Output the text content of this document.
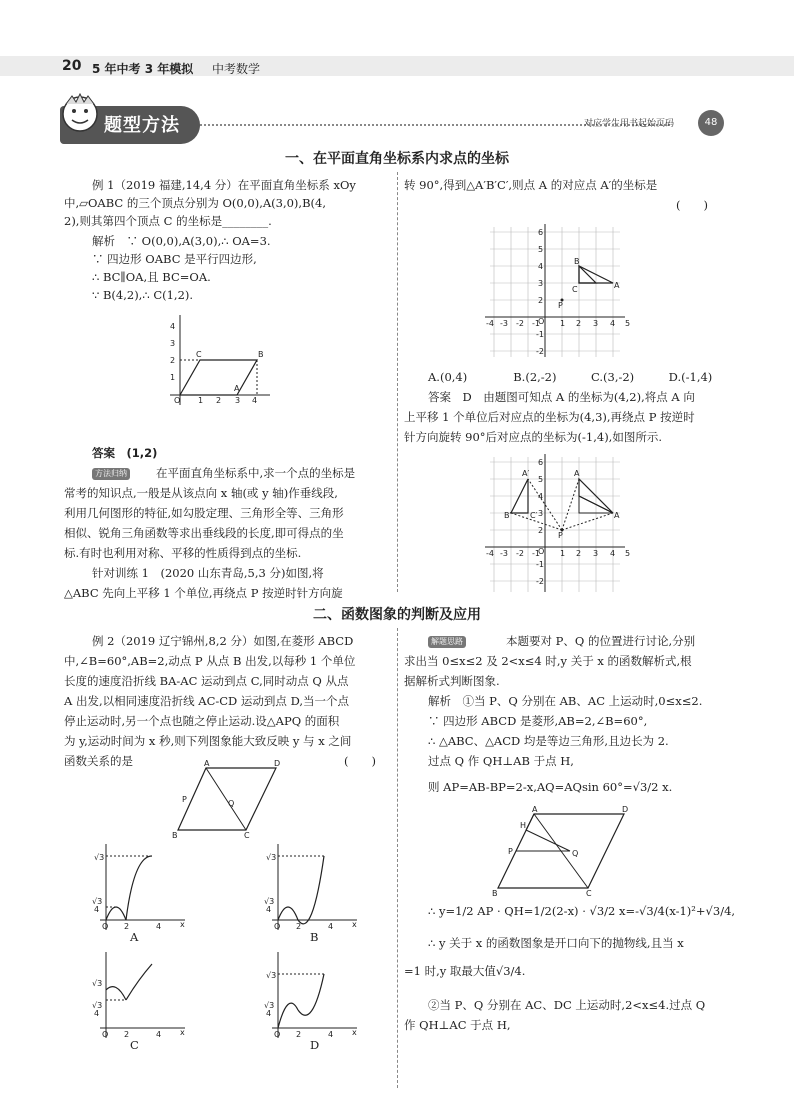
20 5 年中考 3 年模拟 中考数学
题型方法	对应学生用书起始页码	48
一、在平面直角坐标系内求点的坐标
例 1（2019 福建,14,4 分）在平面直角坐标系 xOy
中,▱OABC 的三个顶点分别为 O(0,0),A(3,0),B(4,
2),则其第四个顶点 C 的坐标是________.
解析　∵ O(0,0),A(3,0),∴ OA=3.
∵ 四边形 OABC 是平行四边形,
∴ BC∥OA,且 BC=OA.
∵ B(4,2),∴ C(1,2).
O 1 2 3 4
1
2
3
4
C	B
A
答案　(1,2)
方法归纳	在平面直角坐标系中,求一个点的坐标是
常考的知识点,一般是从该点向 x 轴(或 y 轴)作垂线段,
利用几何图形的特征,如勾股定理、三角形全等、三角形
相似、锐角三角函数等求出垂线段的长度,即可得点的坐
标.有时也利用对称、平移的性质得到点的坐标.
针对训练 1　(2020 山东青岛,5,3 分)如图,将
△ABC 先向上平移 1 个单位,再绕点 P 按逆时针方向旋
转 90°,得到△A′B′C′,则点 A 的对应点 A′的坐标是
(　　)
B
C	A
P
O
-4 -3 -2 -1	1 2 3 4 5
6
5
4
3
2
-1
-2
A.(0,4)　　　　B.(2,-2)　　　C.(3,-2)　　　D.(-1,4)
答案　D　由题图可知点 A 的坐标为(4,2),将点 A 向
上平移 1 个单位后对应点的坐标为(4,3),再绕点 P 按逆时
针方向旋转 90°后对应点的坐标为(-1,4),如图所示.
A′
B′ C′
A
A
P
O
-4 -3 -2 -1	1 2 3 4 5
6
5
4
3
2
-1
-2
二、函数图象的判断及应用
例 2（2019 辽宁锦州,8,2 分）如图,在菱形 ABCD
中,∠B=60°,AB=2,动点 P 从点 B 出发,以每秒 1 个单位
长度的速度沿折线 BA-AC 运动到点 C,同时动点 Q 从点
A 出发,以相同速度沿折线 AC-CD 运动到点 D,当一个点
停止运动时,另一个点也随之停止运动.设△APQ 的面积
为 y,运动时间为 x 秒,则下列图象能大致反映 y 与 x 之间
函数关系的是	(　　)
B
A	D
C
P	Q
√3
√3
4
O 2	4 x
A
√3
√3
4
O 2	4 x
B
√3
√3
4
O 2	4 x
C
√3
√3
4
O 2	4 x
D
解题思路	本题要对 P、Q 的位置进行讨论,分别
求出当 0≤x≤2 及 2<x≤4 时,y 关于 x 的函数解析式,根
据解析式判断图象.
解析　①当 P、Q 分别在 AB、AC 上运动时,0≤x≤2.
∵ 四边形 ABCD 是菱形,AB=2,∠B=60°,
∴ △ABC、△ACD 均是等边三角形,且边长为 2.
过点 Q 作 QH⊥AB 于点 H,
则 AP=AB-BP=2-x,AQ=AQsin 60°=√3/2 x.
B
A	D
C
H
P	Q
∴ y=1/2 AP · QH=1/2(2-x) · √3/2 x=-√3/4(x-1)²+√3/4,
∴ y 关于 x 的函数图象是开口向下的抛物线,且当 x
=1 时,y 取最大值√3/4.
②当 P、Q 分别在 AC、DC 上运动时,2<x≤4.过点 Q
作 QH⊥AC 于点 H,
